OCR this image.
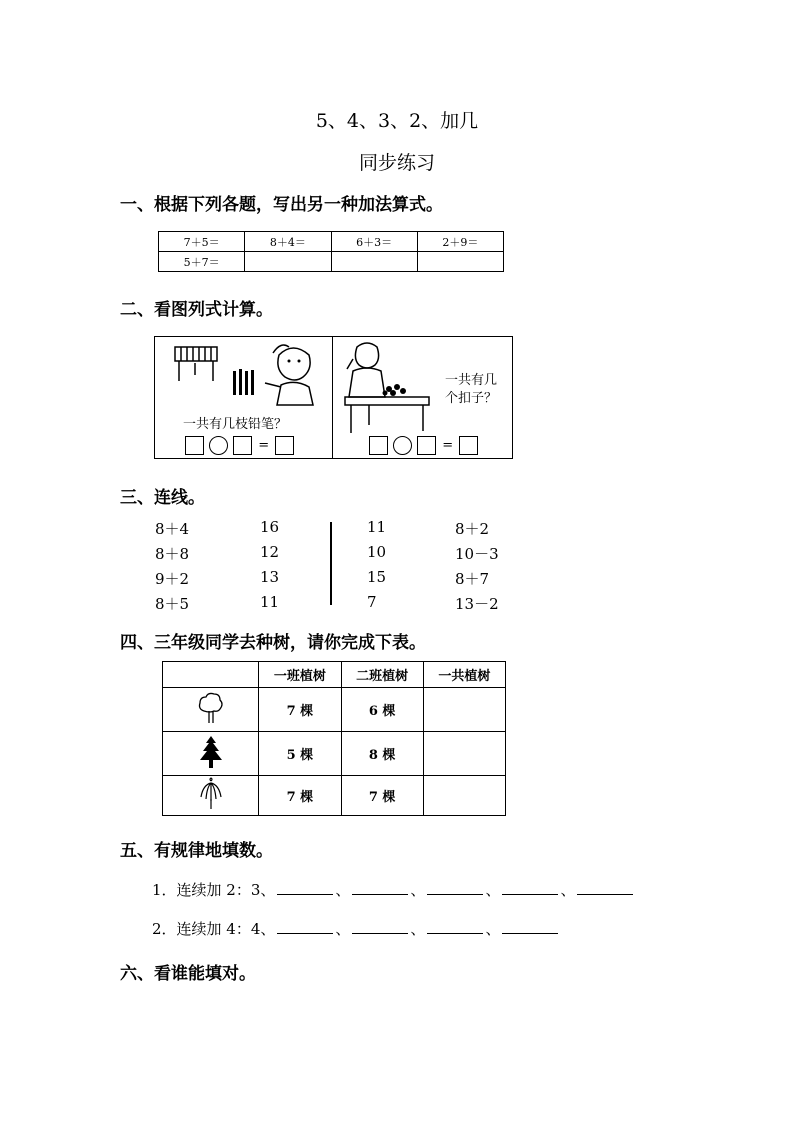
5、4、3、2、加几
同步练习
一、根据下列各题，写出另一种加法算式。
7＋5＝	8＋4＝	6＋3＝	2＋9＝
5＋7＝			
二、看图列式计算。
一共有几枝铅笔？
=
一共有几
个扣子？
=
三、连线。
8＋4
8＋8
9＋2
8＋5
16
12
13
11
11
10
15
7
8＋2
10－3
8＋7
13－2
四、三年级同学去种树，请你完成下表。
	一班植树	二班植树	一共植树
	7 棵	6 棵	
	5 棵	8 棵	
	7 棵	7 棵	
五、有规律地填数。
1．连续加 2：3、	、	、	、	、
2．连续加 4：4、	、	、	、
六、看谁能填对。
